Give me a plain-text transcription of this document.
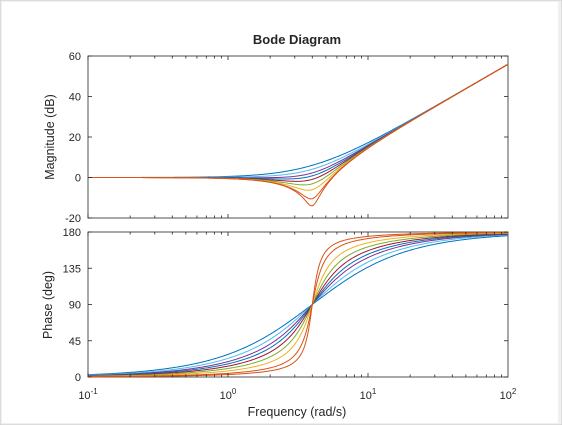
Bode Diagram
-20
0
20
40
60
Magnitude (dB)
0
45
90
135
180
Phase (deg)
$10^{-1}$	$10^0$	$10^1$	$10^2$
Frequency (rad/s)
